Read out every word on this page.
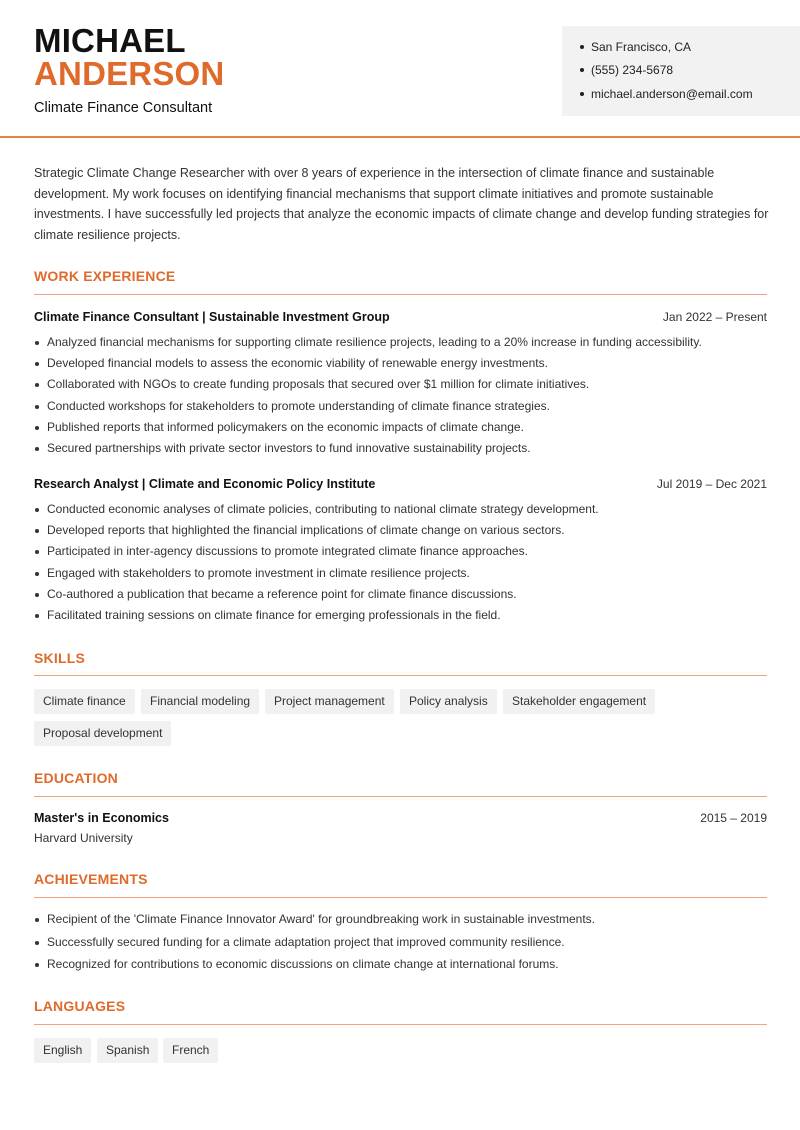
MICHAEL
ANDERSON
Climate Finance Consultant
San Francisco, CA
(555) 234-5678
michael.anderson@email.com

Strategic Climate Change Researcher with over 8 years of experience in the intersection of climate finance and sustainable development. My work focuses on identifying financial mechanisms that support climate initiatives and promote sustainable investments. I have successfully led projects that analyze the economic impacts of climate change and develop funding strategies for climate resilience projects.

WORK EXPERIENCE
Climate Finance Consultant | Sustainable Investment Group	Jan 2022 – Present
Analyzed financial mechanisms for supporting climate resilience projects, leading to a 20% increase in funding accessibility.
Developed financial models to assess the economic viability of renewable energy investments.
Collaborated with NGOs to create funding proposals that secured over $1 million for climate initiatives.
Conducted workshops for stakeholders to promote understanding of climate finance strategies.
Published reports that informed policymakers on the economic impacts of climate change.
Secured partnerships with private sector investors to fund innovative sustainability projects.
Research Analyst | Climate and Economic Policy Institute	Jul 2019 – Dec 2021
Conducted economic analyses of climate policies, contributing to national climate strategy development.
Developed reports that highlighted the financial implications of climate change on various sectors.
Participated in inter-agency discussions to promote integrated climate finance approaches.
Engaged with stakeholders to promote investment in climate resilience projects.
Co-authored a publication that became a reference point for climate finance discussions.
Facilitated training sessions on climate finance for emerging professionals in the field.
SKILLS
Climate finance	Financial modeling	Project management	Policy analysis	Stakeholder engagement
Proposal development
EDUCATION
Master's in Economics	2015 – 2019
Harvard University
ACHIEVEMENTS
Recipient of the 'Climate Finance Innovator Award' for groundbreaking work in sustainable investments.
Successfully secured funding for a climate adaptation project that improved community resilience.
Recognized for contributions to economic discussions on climate change at international forums.
LANGUAGES
English	Spanish	French
